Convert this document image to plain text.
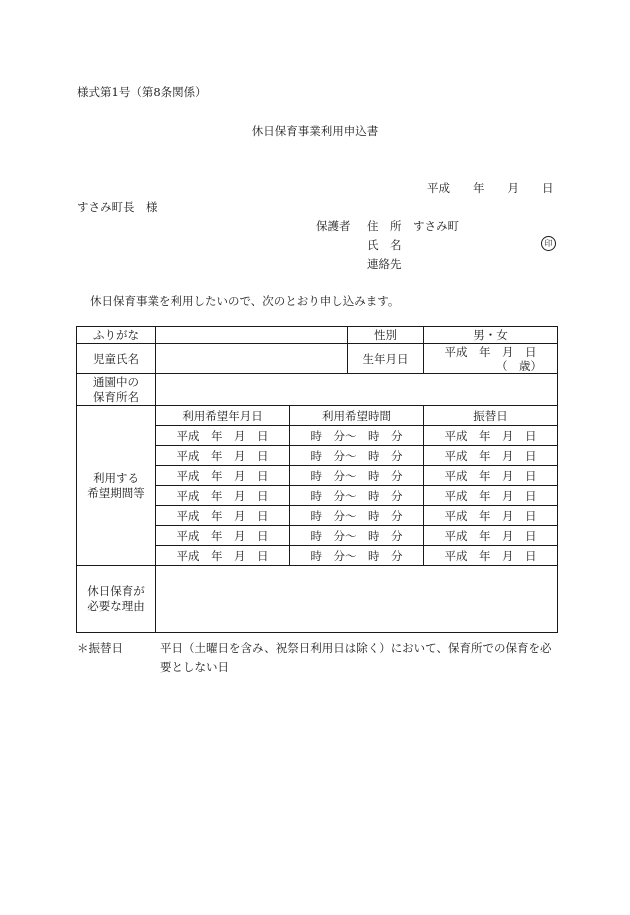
様式第1号（第8条関係）
休日保育事業利用申込書
平成　　年　　月　　日
すさみ町長　様
保護者 住　所 すさみ町
氏　名	印
連絡先
休日保育事業を利用したいので、次のとおり申し込みます。
ふりがな			性別	男・女
児童氏名			生年月日	平成　年　月　日
（　歳）

通園中の
保育所名				
利用する
希望期間等	利用希望年月日	利用希望時間		振替日
	平成　年　月　日	時　分～　時　分		平成　年　月　日
	平成　年　月　日	時　分～　時　分		平成　年　月　日
	平成　年　月　日	時　分～　時　分		平成　年　月　日
	平成　年　月　日	時　分～　時　分		平成　年　月　日
	平成　年　月　日	時　分～　時　分		平成　年　月　日
	平成　年　月　日	時　分～　時　分		平成　年　月　日
	平成　年　月　日	時　分～　時　分		平成　年　月　日
休日保育が
必要な理由				
＊振替日	平日（土曜日を含み、祝祭日利用日は除く）において、保育所での保育を必
要としない日
